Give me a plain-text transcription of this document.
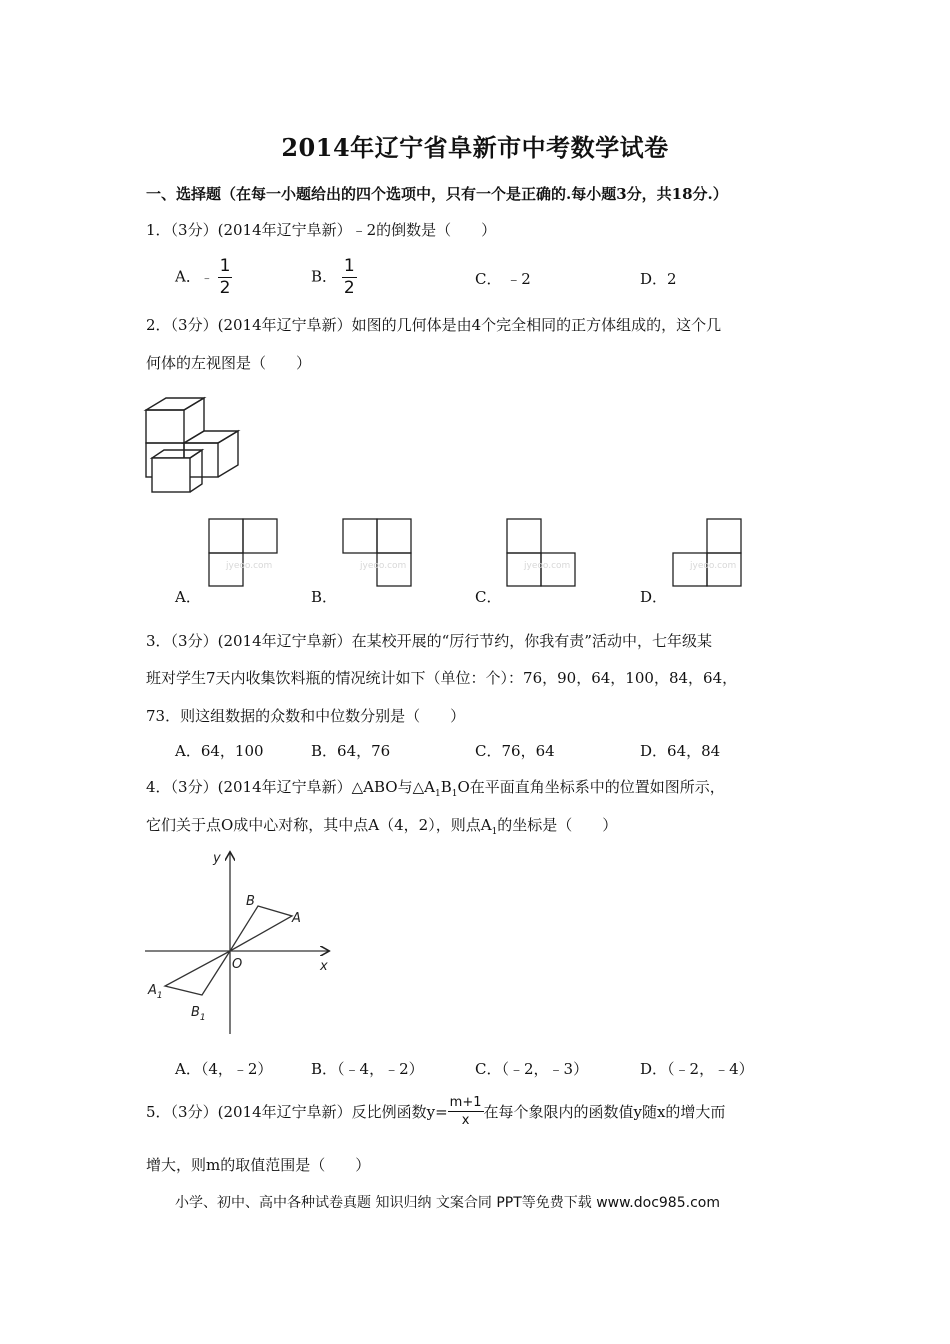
2014年辽宁省阜新市中考数学试卷
一、选择题（在每一小题给出的四个选项中，只有一个是正确的.每小题3分，共18分.）
1．（3分）(2014年辽宁阜新）﹣2的倒数是（　　）
A．﹣ $\frac{1}{2}$	B． $\frac{1}{2}$	C． ﹣2	D．2
2．（3分）(2014年辽宁阜新）如图的几何体是由4个完全相同的正方体组成的，这个几
何体的左视图是（　　）
jyeoo.com	jyeoo.com	jyeoo.com	jyeoo.com
A．	B．	C．	D．
3．（3分）(2014年辽宁阜新）在某校开展的“厉行节约，你我有责”活动中，七年级某
班对学生7天内收集饮料瓶的情况统计如下（单位：个）：76，90，64，100，84，64，
73．则这组数据的众数和中位数分别是（　　）
A．64，100	B．64，76	C．76，64	D．64，84
4．（3分）(2014年辽宁阜新）△ABO与$\triangle A_1B_1O$在平面直角坐标系中的位置如图所示，
它们关于点O成中心对称，其中点A（4，2），则点$A_1$的坐标是（　　）
y
x
O
A
B
$A_1$
$B_1$
A．（4，﹣2）	B．（﹣4，﹣2）	C．（﹣2，﹣3）	D．（﹣2，﹣4）
5．（3分）(2014年辽宁阜新）反比例函数$y= \frac{m+1}{x}$ 在每个象限内的函数值y随x的增大而
增大，则m的取值范围是（　　）
小学、初中、高中各种试卷真题 知识归纳 文案合同 PPT等免费下载 www.doc985.com
